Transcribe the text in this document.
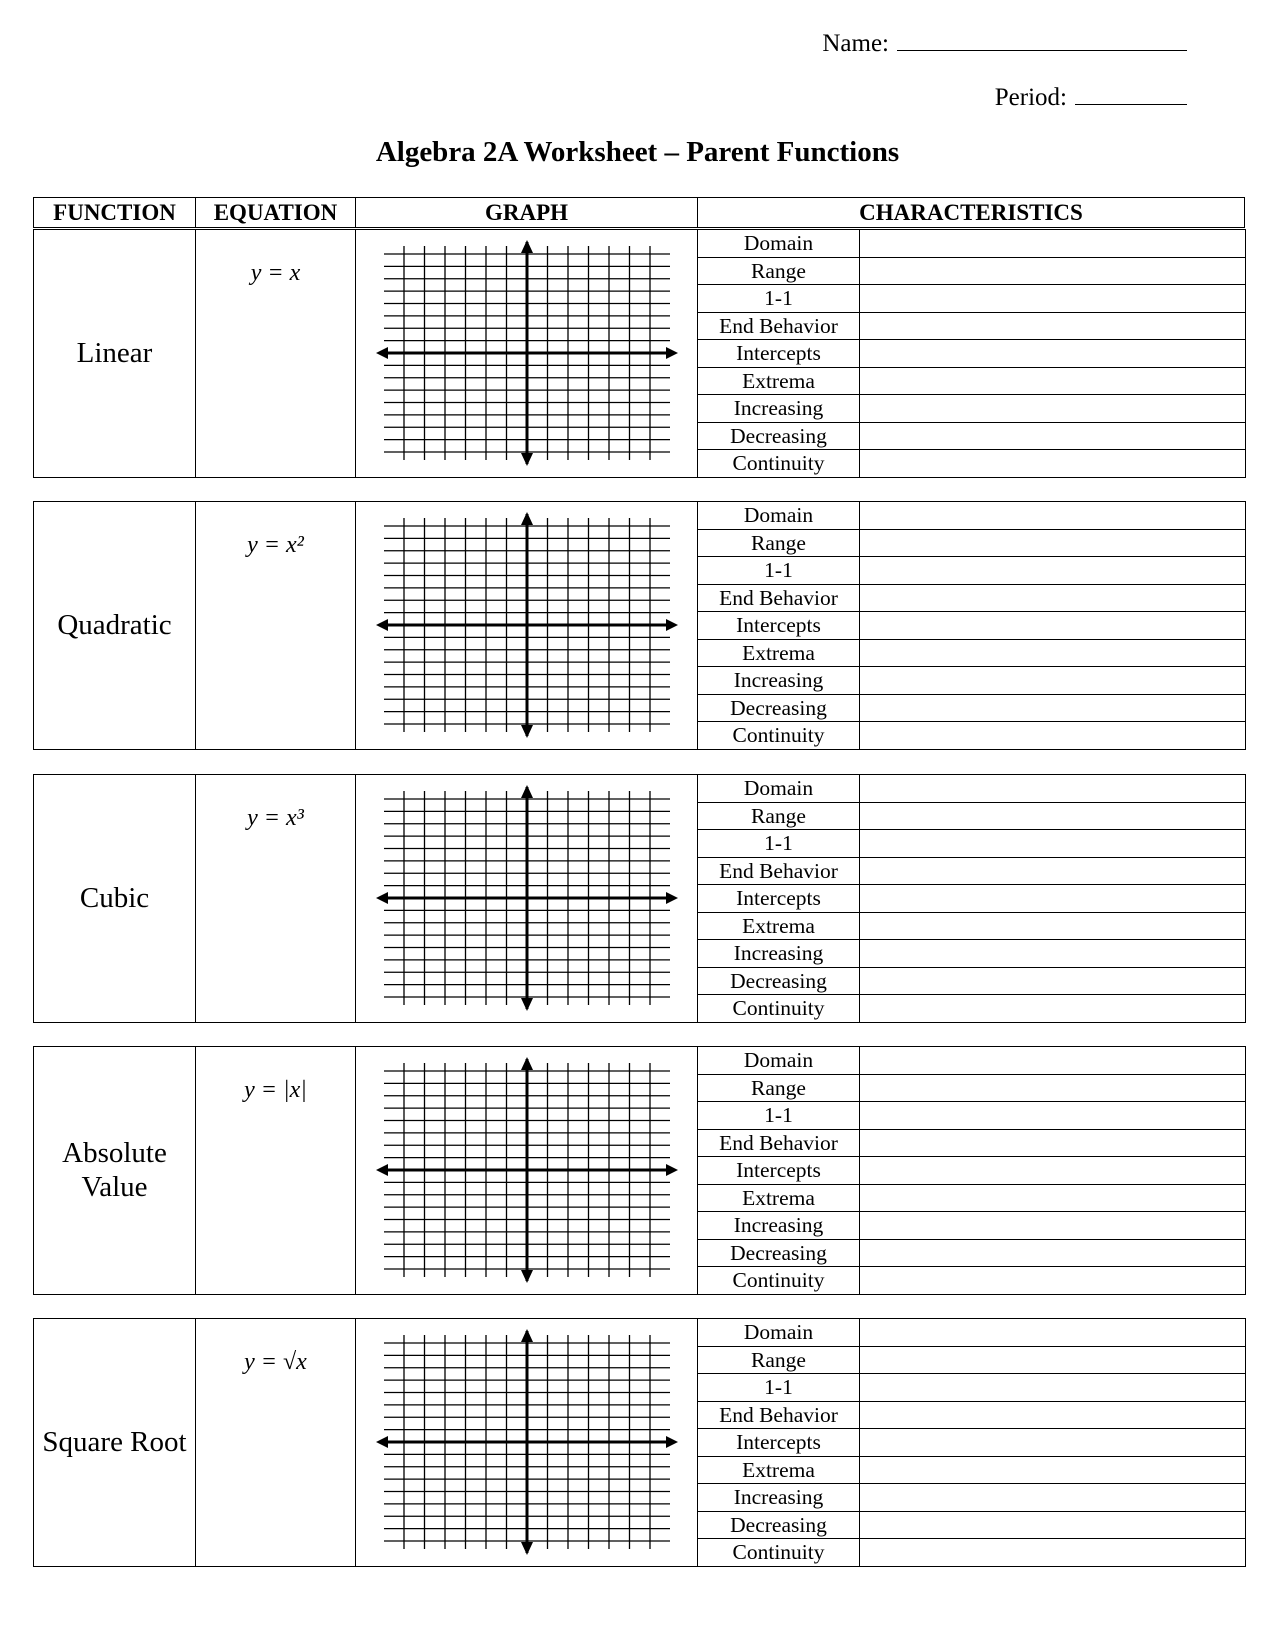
Name:
Period:
Algebra 2A Worksheet – Parent Functions
FUNCTION	EQUATION	GRAPH	CHARACTERISTICS
Linear	y = x		Domain	
			Range	
			1-1	
			End Behavior	
			Intercepts	
			Extrema	
			Increasing	
			Decreasing	
			Continuity	
Quadratic	y = x²		Domain	
			Range	
			1-1	
			End Behavior	
			Intercepts	
			Extrema	
			Increasing	
			Decreasing	
			Continuity	
Cubic	y = x³		Domain	
			Range	
			1-1	
			End Behavior	
			Intercepts	
			Extrema	
			Increasing	
			Decreasing	
			Continuity	
Absolute Value	y = |x|		Domain	
			Range	
			1-1	
			End Behavior	
			Intercepts	
			Extrema	
			Increasing	
			Decreasing	
			Continuity	
Square Root	y = √x		Domain	
			Range	
			1-1	
			End Behavior	
			Intercepts	
			Extrema	
			Increasing	
			Decreasing	
			Continuity	
